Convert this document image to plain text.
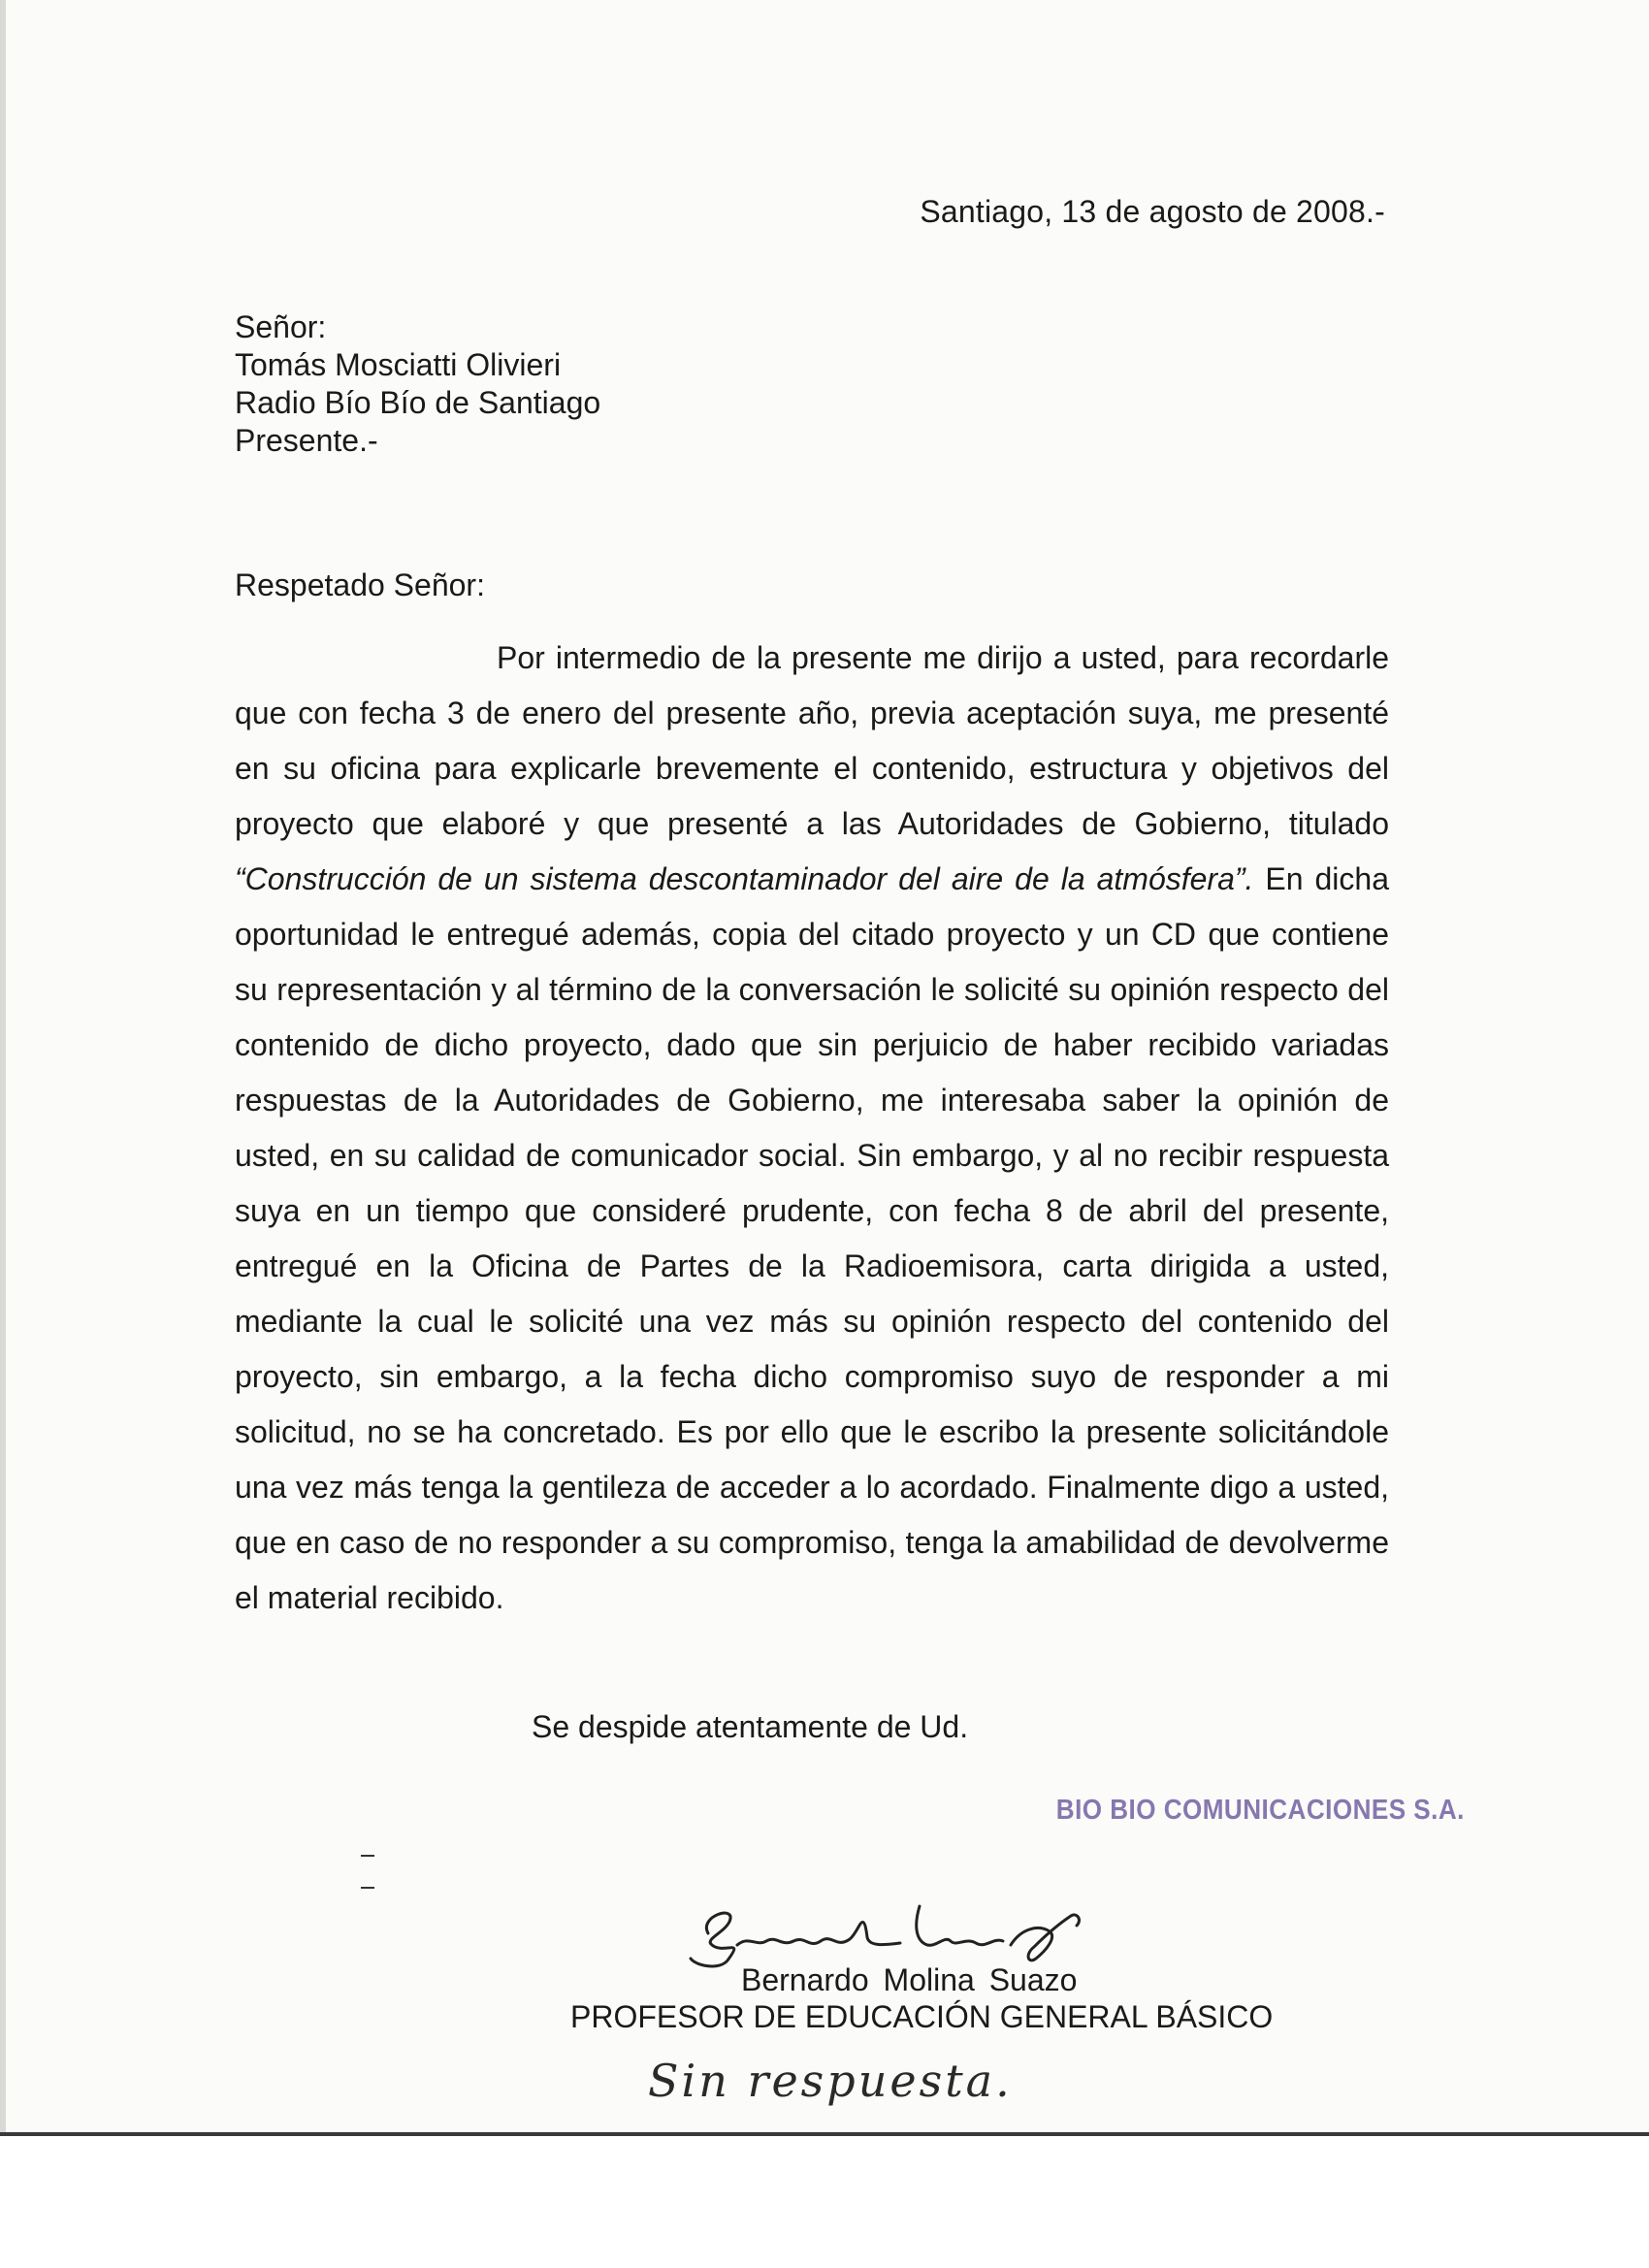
Santiago, 13 de agosto de 2008.-
Señor:
Tomás Mosciatti Olivieri
Radio Bío Bío de Santiago
Presente.-
Respetado Señor:

Por intermedio de la presente me dirijo a usted, para recordarle que con fecha 3 de enero del presente año, previa aceptación suya, me presenté en su oficina para explicarle brevemente el contenido, estructura y objetivos del proyecto que elaboré y que presenté a las Autoridades de Gobierno, titulado “Construcción de un sistema descontaminador del aire de la atmósfera”. En dicha oportunidad le entregué además, copia del citado proyecto y un CD que contiene su representación y al término de la conversación le solicité su opinión respecto del contenido de dicho proyecto, dado que sin perjuicio de haber recibido variadas respuestas de la Autoridades de Gobierno, me interesaba saber la opinión de usted, en su calidad de comunicador social. Sin embargo, y al no recibir respuesta suya en un tiempo que consideré prudente, con fecha 8 de abril del presente, entregué en la Oficina de Partes de la Radioemisora, carta dirigida a usted, mediante la cual le solicité una vez más su opinión respecto del contenido del proyecto, sin embargo, a la fecha dicho compromiso suyo de responder a mi solicitud, no se ha concretado. Es por ello que le escribo la presente solicitándole una vez más tenga la gentileza de acceder a lo acordado. Finalmente digo a usted, que en caso de no responder a su compromiso, tenga la amabilidad de devolverme el material recibido.

Se despide atentamente de Ud.
BIO BIO COMUNICACIONES S.A.
Bernardo Molina Suazo
PROFESOR DE EDUCACIÓN GENERAL BÁSICO
Sin respuesta.
